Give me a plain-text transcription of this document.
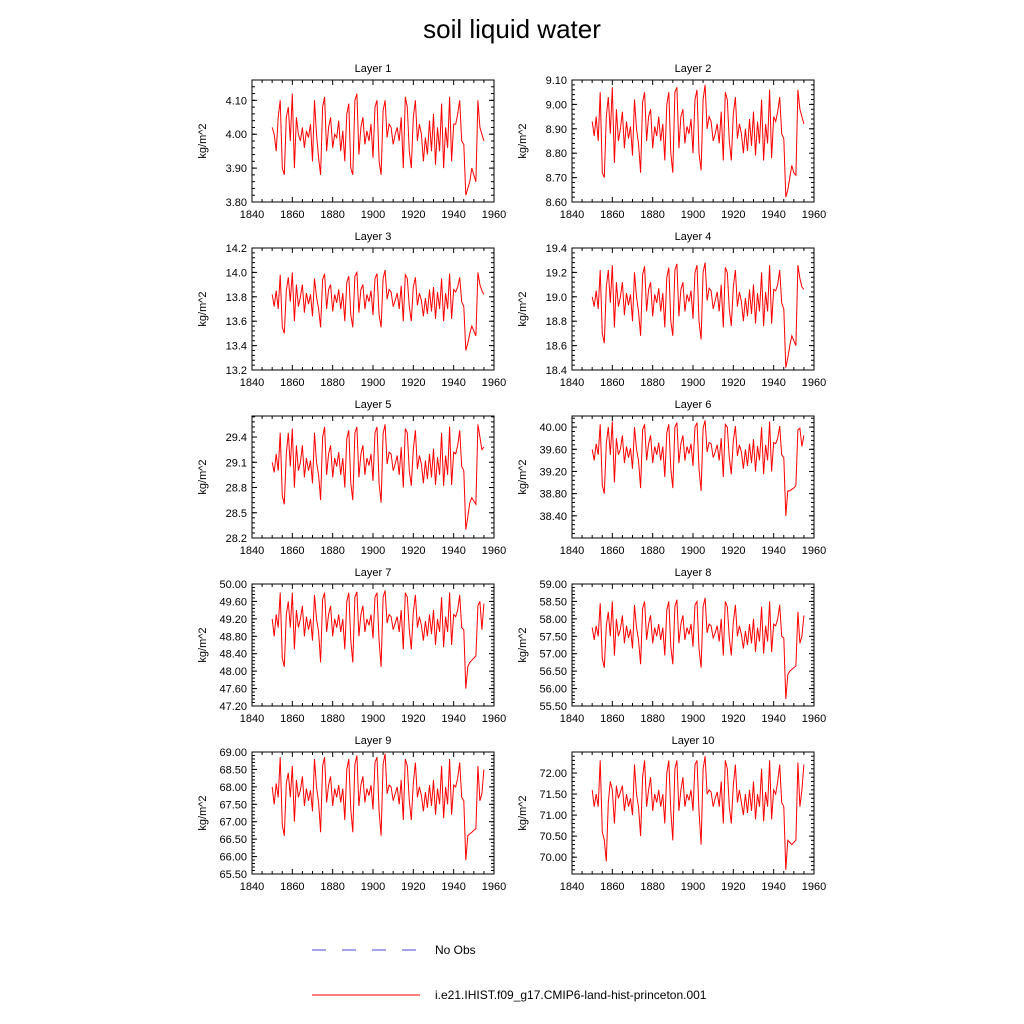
soil liquid water
Layer 1
kg/m^2
1840 1860 1880 1900 1920 1940 1960
3.80
3.90
4.00
4.10
Layer 2
kg/m^2
1840 1860 1880 1900 1920 1940 1960
8.60
8.70
8.80
8.90
9.00
9.10
Layer 3
kg/m^2
1840 1860 1880 1900 1920 1940 1960
13.2
13.4
13.6
13.8
14.0
14.2
Layer 4
kg/m^2
1840 1860 1880 1900 1920 1940 1960
18.4
18.6
18.8
19.0
19.2
19.4
Layer 5
kg/m^2
1840 1860 1880 1900 1920 1940 1960
28.2
28.5
28.8
29.1
29.4
Layer 6
kg/m^2
1840 1860 1880 1900 1920 1940 1960
38.40
38.80
39.20
39.60
40.00
Layer 7
kg/m^2
1840 1860 1880 1900 1920 1940 1960
47.20
47.60
48.00
48.40
48.80
49.20
49.60
50.00
Layer 8
kg/m^2
1840 1860 1880 1900 1920 1940 1960
55.50
56.00
56.50
57.00
57.50
58.00
58.50
59.00
Layer 9
kg/m^2
1840 1860 1880 1900 1920 1940 1960
65.50
66.00
66.50
67.00
67.50
68.00
68.50
69.00
Layer 10
kg/m^2
1840 1860 1880 1900 1920 1940 1960
70.00
70.50
71.00
71.50
72.00
No Obs
i.e21.IHIST.f09_g17.CMIP6-land-hist-princeton.001
